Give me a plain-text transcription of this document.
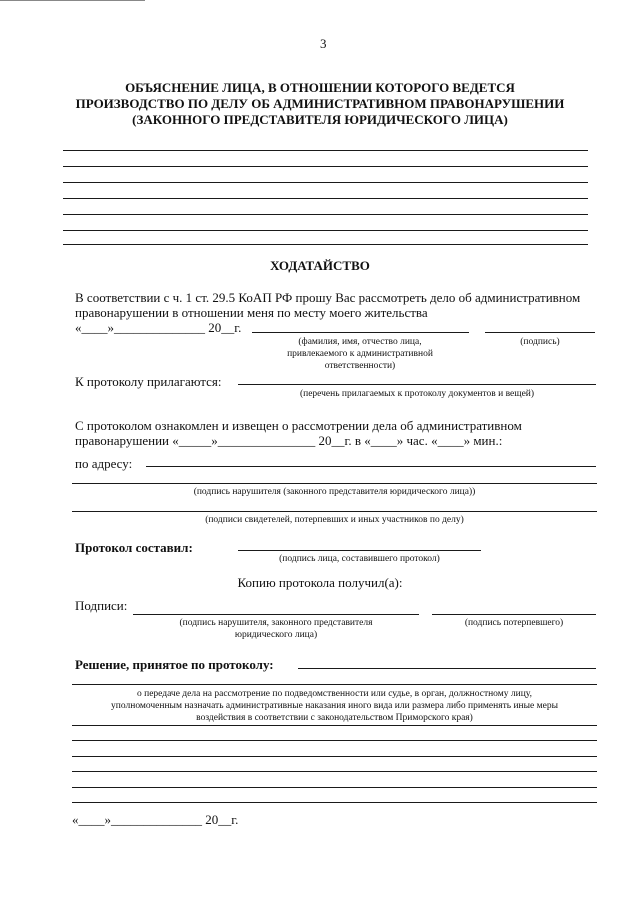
3
ОБЪЯСНЕНИЕ ЛИЦА, В ОТНОШЕНИИ КОТОРОГО ВЕДЕТСЯ
ПРОИЗВОДСТВО ПО ДЕЛУ ОБ АДМИНИСТРАТИВНОМ ПРАВОНАРУШЕНИИ
(ЗАКОННОГО ПРЕДСТАВИТЕЛЯ ЮРИДИЧЕСКОГО ЛИЦА)
ХОДАТАЙСТВО
В соответствии с ч. 1 ст. 29.5 КоАП РФ прошу Вас рассмотреть дело об административном
правонарушении в отношении меня по месту моего жительства
«____»______________ 20__г.
(фамилия, имя, отчество лица,
привлекаемого к административной
ответственности)
(подпись)
К протоколу прилагаются:
(перечень прилагаемых к протоколу документов и вещей)
С протоколом ознакомлен и извещен о рассмотрении дела об административном
правонарушении «_____»_______________ 20__г. в «____» час. «____» мин.:
по адресу:
(подпись нарушителя (законного представителя юридического лица))
(подписи свидетелей, потерпевших и иных участников по делу)
Протокол составил:
(подпись лица, составившего протокол)
Копию протокола получил(а):
Подписи:
(подпись нарушителя, законного представителя
юридического лица)
(подпись потерпевшего)
Решение, принятое по протоколу:
о передаче дела на рассмотрение по подведомственности или судье, в орган, должностному лицу,
уполномоченным назначать административные наказания иного вида или размера либо применять иные меры
воздействия в соответствии с законодательством Приморского края)
«____»______________ 20__г.
